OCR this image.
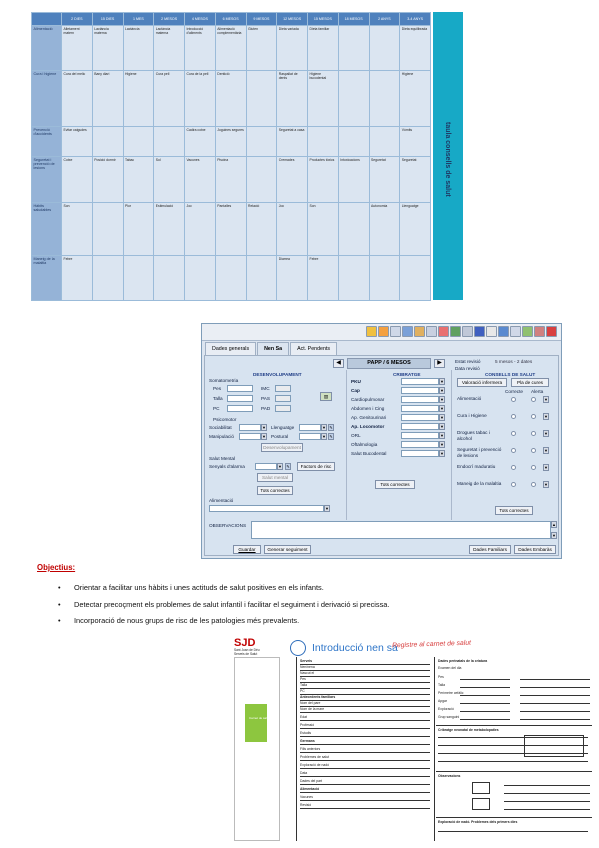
	2 DIES	15 DIES	1 MES	2 MESOS	4 MESOS	6 MESOS	9 MESOS	12 MESOS	15 MESOS	18 MESOS	2 ANYS	3-4 ANYS
Alimentació	Alletament matern	Lactància materna	Lactància	Lactància materna	Introducció d'aliments	Alimentació complementària	Gluten	Dieta variada	Dieta familiar			Dieta equilibrada
Cura i higiene	Cura del melic	Bany diari	Higiene	Cura pell	Cura de la pell	Dentició		Raspallat de dents	Higiene bucodental			Higiene
Prevenció d'accidents	Evitar caigudes				Cadira cotxe	Joguines segures		Seguretat a casa				Vòmits
Seguretat i prevenció de lesions	Cotxe	Posició dormir	Tabac	Sol	Vacunes	Piscina		Cremades	Productes tòxics	Intoxicacions	Seguretat	Seguretat
Hàbits saludables	Son		Plor	Estimulació	Joc	Pantalles	Relació	Joc	Son		Autonomia	Llenguatge
Maneig de la malaltia	Febre							Diarrea	Febre			
taula consells de salut
Dades generals	Nen Sa	Act. Pendents
◀	PAPP / 6 MESOS	▶	Estat revisió	5 mesos - 2 dates
Data revisió
DESENVOLUPAMENT	CRIBRATGE	CONSELLS DE SALUT
Somatometria
Pes	IMC
Talla	PAS
PC	PAD
▥
Psicomotor
Sociabilitat	▼ Llenguatge	▼ ✎
Manipulació	▼ Postural	▼ ✎
Desenvolupament
Salut Mental
Senyals d'alarma	▼	✎	Factors de risc
Salut mental
Tots correctes
Alimentació
▼
PKU	▼
Cap	▼
Cardiopulmonar	▼
Abdomen i Cing	▼
Ap. Genitourinari	▼
Ap. Locomotor	▼
ORL	▼
Oftalmologia	▼
Salut Bucodental	▼
Tots correctes
Valoració infermera	Pla de cures
Correcte Alerta
Alimentació	▼
Cura i Higiene	▼
Drogues tabac i alcohol
▼
Seguretat i prevenció de lesions
▼
Endocrí maduratiu	▼
Maneig de la malaltia	▼
Tots correctes
OBSERVACIONS	▲
▼
Guardar	Generar seguiment	Dades Familiars	Dades Embaràs
Objectius:
• Orientar a facilitar uns hàbits i unes actituds de salut positives en els infants.
• Detectar precoçment els problemes de salut infantil i facilitar el seguiment i derivació si precissa.
• Incorporació de nous grups de risc de les patologies més prevalents.
SJD
Sant Joan de Déu
Serveis de Salut	Introducció nen sa
Registre al carnet de salut
Carnet de salut
Serveis
Nen/nena
Nascut el
Pes
Talla
PC
Antecedents familiars
Nom del pare
Nom de la mare
Edat
Professió
Estudis
Germans
Fills anteriors
Problemes de salut
Exploració de nadó
Data
Dades del part
Alimentació
Vacunes
Revisió
Dades perinatals de la criatura
Examen del dia
Pes
Talla
Perímetre cefàlic
Apgar
Exploració
Grup sanguini
Cribratge neonatal de metabolopaties
Observacions
Exploració de nadó. Problemes dels primers dies
